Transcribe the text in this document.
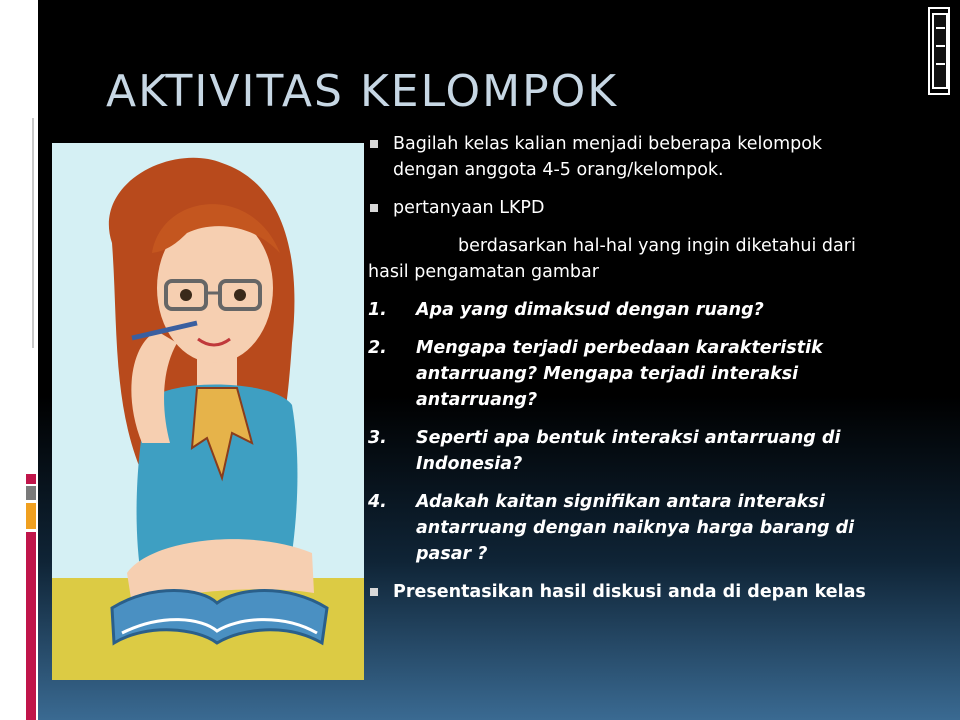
AKTIVITAS KELOMPOK
Bagilah kelas kalian menjadi beberapa kelompok dengan anggota 4-5 orang/kelompok.
pertanyaan LKPD
berdasarkan hal-hal yang ingin diketahui dari hasil pengamatan gambar
1.	Apa yang dimaksud dengan ruang?
2.	Mengapa terjadi perbedaan karakteristik antarruang? Mengapa terjadi interaksi antarruang?
3.	Seperti apa bentuk interaksi antarruang di Indonesia?
4.	Adakah kaitan signifikan antara interaksi antarruang dengan naiknya harga barang di pasar ?
Presentasikan hasil diskusi anda di depan kelas
